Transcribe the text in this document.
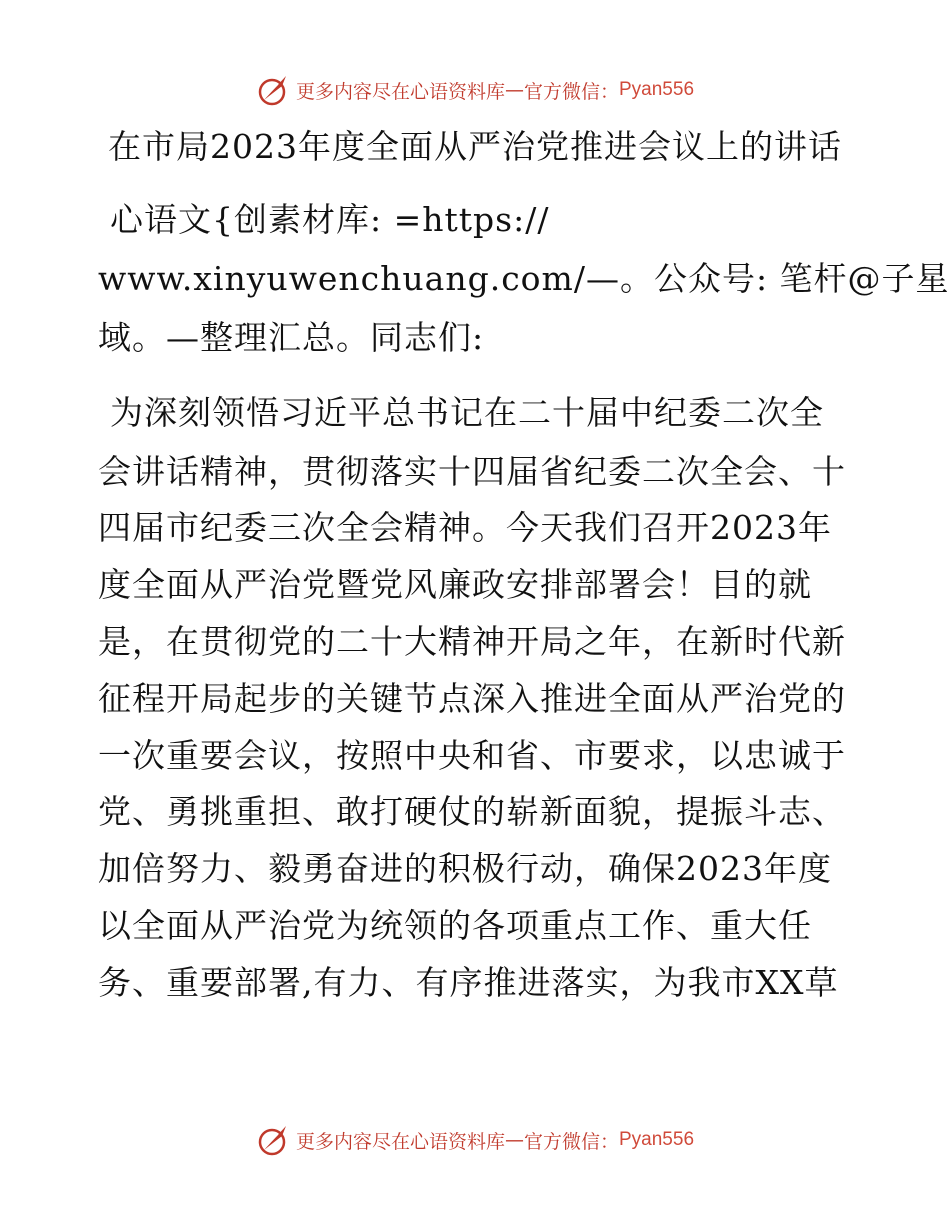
更多内容尽在心语资料库 — 官方微信： Pyan556
在市局2023年度全面从严治党推进会议上的讲话
心语文{创素材库: =https://
www.xinyuwenchuang.com/—。公众号: 笔杆@子星
域。—整理汇总。同志们:
为深刻领悟习近平总书记在二十届中纪委二次全
会讲话精神，贯彻落实十四届省纪委二次全会、十
四届市纪委三次全会精神。今天我们召开2023年
度全面从严治党暨党风廉政安排部署会！目的就
是，在贯彻党的二十大精神开局之年，在新时代新
征程开局起步的关键节点深入推进全面从严治党的
一次重要会议，按照中央和省、市要求，以忠诚于
党、勇挑重担、敢打硬仗的崭新面貌，提振斗志、
加倍努力、毅勇奋进的积极行动，确保2023年度
以全面从严治党为统领的各项重点工作、重大任
务、重要部署,有力、有序推进落实，为我市XX草
更多内容尽在心语资料库 — 官方微信： Pyan556
